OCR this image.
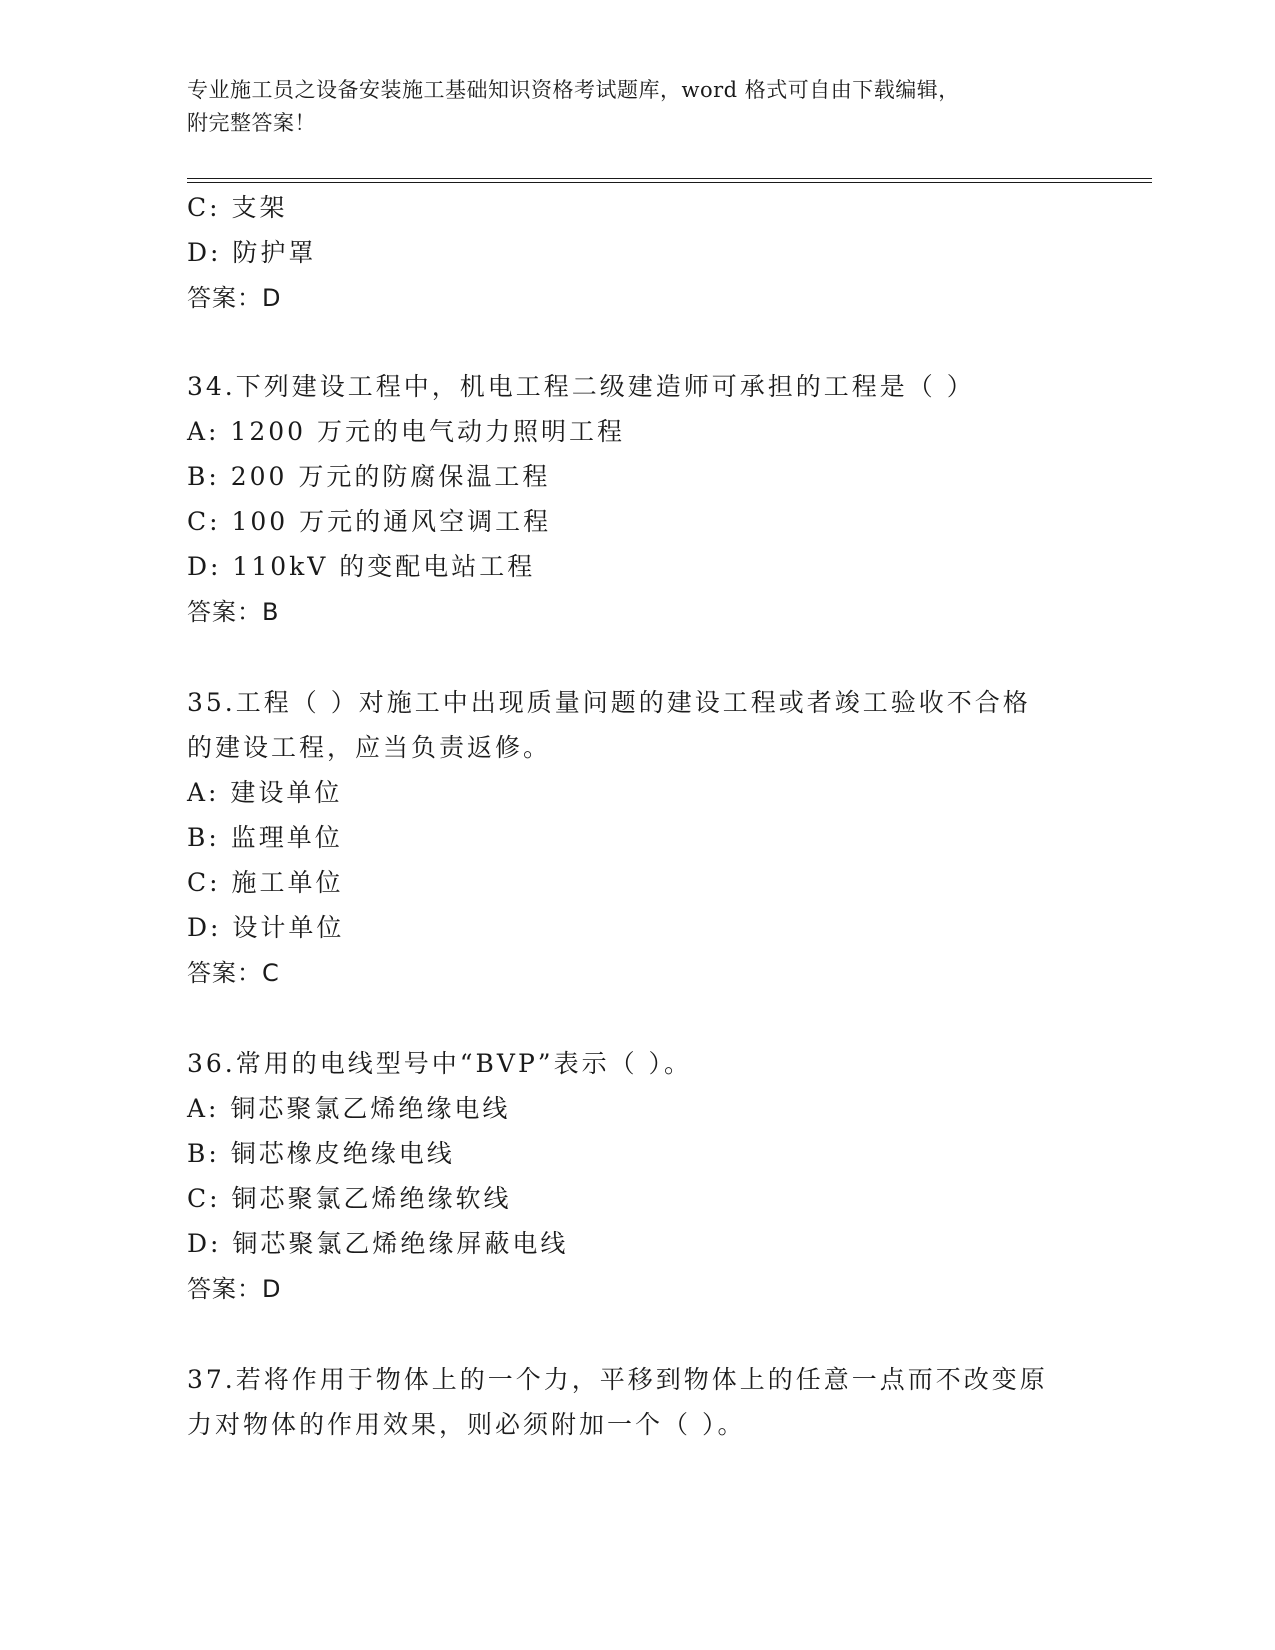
专业施工员之设备安装施工基础知识资格考试题库，word 格式可自由下载编辑，
附完整答案！
C: 支架
D: 防护罩
答案：D
34.下列建设工程中，机电工程二级建造师可承担的工程是（ ）
A: 1200 万元的电气动力照明工程
B: 200 万元的防腐保温工程
C: 100 万元的通风空调工程
D: 110kV 的变配电站工程
答案：B
35.工程（ ）对施工中出现质量问题的建设工程或者竣工验收不合格
的建设工程，应当负责返修。
A: 建设单位
B: 监理单位
C: 施工单位
D: 设计单位
答案：C
36.常用的电线型号中“BVP”表示（ ）。
A: 铜芯聚氯乙烯绝缘电线
B: 铜芯橡皮绝缘电线
C: 铜芯聚氯乙烯绝缘软线
D: 铜芯聚氯乙烯绝缘屏蔽电线
答案：D
37.若将作用于物体上的一个力，平移到物体上的任意一点而不改变原
力对物体的作用效果，则必须附加一个（ ）。
